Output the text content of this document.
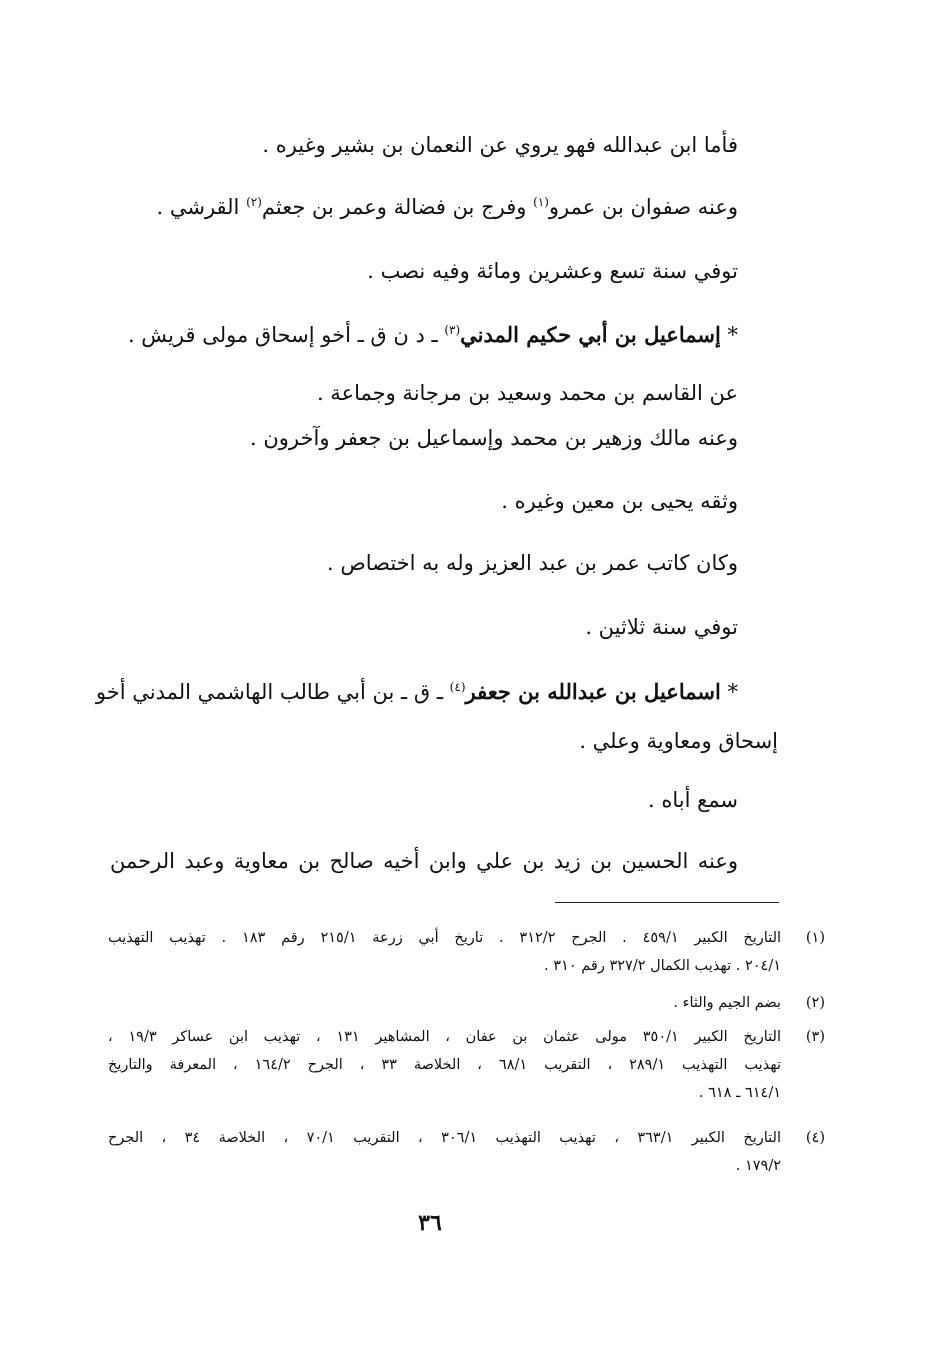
فأما ابن عبدالله فهو يروي عن النعمان بن بشير وغيره .
وعنه صفوان بن عمرو$^{(١)}$ وفرج بن فضالة وعمر بن جعثم$^{(٢)}$ القرشي .
توفي سنة تسع وعشرين ومائة وفيه نصب .
* إسماعيل بن أبي حكيم المدني$^{(٣)}$ ـ د ن ق ـ أخو إسحاق مولى قريش .
عن القاسم بن محمد وسعيد بن مرجانة وجماعة .
وعنه مالك وزهير بن محمد وإسماعيل بن جعفر وآخرون .
وثقه يحيى بن معين وغيره .
وكان كاتب عمر بن عبد العزيز وله به اختصاص .
توفي سنة ثلاثين .
* اسماعيل بن عبدالله بن جعفر$^{(٤)}$ ـ ق ـ بن أبي طالب الهاشمي المدني أخو
إسحاق ومعاوية وعلي .
سمع أباه .
وعنه الحسين بن زيد بن علي وابن أخيه صالح بن معاوية وعبد الرحمن
(١)
التاريخ الكبير ٤٥٩/١ . الجرح ٣١٢/٢ . تاريخ أبي زرعة ٢١٥/١ رقم ١٨٣ . تهذيب التهذيب
٢٠٤/١ . تهذيب الكمال ٣٢٧/٢ رقم ٣١٠ .
(٢)
بضم الجيم والثاء .
(٣)
التاريخ الكبير ٣٥٠/١ مولى عثمان بن عفان ، المشاهير ١٣١ ، تهذيب ابن عساكر ١٩/٣ ،
تهذيب التهذيب ٢٨٩/١ ، التقريب ٦٨/١ ، الخلاصة ٣٣ ، الجرح ١٦٤/٢ ، المعرفة والتاريخ
٦١٤/١ ـ ٦١٨ .
(٤)
التاريخ الكبير ٣٦٣/١ ، تهذيب التهذيب ٣٠٦/١ ، التقريب ٧٠/١ ، الخلاصة ٣٤ ، الجرح
١٧٩/٢ .
٣٦
